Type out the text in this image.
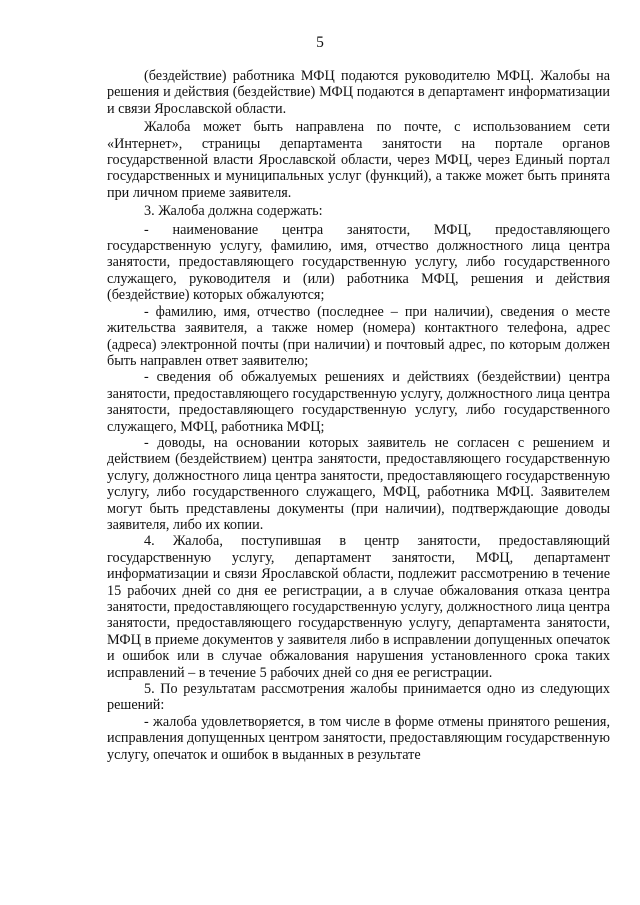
5

(бездействие) работника МФЦ подаются руководителю МФЦ. Жалобы на решения и действия (бездействие) МФЦ подаются в департамент информатизации и связи Ярославской области.

Жалоба может быть направлена по почте, с использованием сети «Интернет», страницы департамента занятости на портале органов государственной власти Ярославской области, через МФЦ, через Единый портал государственных и муниципальных услуг (функций), а также может быть принята при личном приеме заявителя.

3. Жалоба должна содержать:

- наименование центра занятости, МФЦ, предоставляющего государственную услугу, фамилию, имя, отчество должностного лица центра занятости, предоставляющего государственную услугу, либо государственного служащего, руководителя и (или) работника МФЦ, решения и действия (бездействие) которых обжалуются;

- фамилию, имя, отчество (последнее – при наличии), сведения о месте жительства заявителя, а также номер (номера) контактного телефона, адрес (адреса) электронной почты (при наличии) и почтовый адрес, по которым должен быть направлен ответ заявителю;

- сведения об обжалуемых решениях и действиях (бездействии) центра занятости, предоставляющего государственную услугу, должностного лица центра занятости, предоставляющего государственную услугу, либо государственного служащего, МФЦ, работника МФЦ;

- доводы, на основании которых заявитель не согласен с решением и действием (бездействием) центра занятости, предоставляющего государственную услугу, должностного лица центра занятости, предоставляющего государственную услугу, либо государственного служащего, МФЦ, работника МФЦ. Заявителем могут быть представлены документы (при наличии), подтверждающие доводы заявителя, либо их копии.

4. Жалоба, поступившая в центр занятости, предоставляющий государственную услугу, департамент занятости, МФЦ, департамент информатизации и связи Ярославской области, подлежит рассмотрению в течение 15 рабочих дней со дня ее регистрации, а в случае обжалования отказа центра занятости, предоставляющего государственную услугу, должностного лица центра занятости, предоставляющего государственную услугу, департамента занятости, МФЦ в приеме документов у заявителя либо в исправлении допущенных опечаток и ошибок или в случае обжалования нарушения установленного срока таких исправлений – в течение 5 рабочих дней со дня ее регистрации.

5. По результатам рассмотрения жалобы принимается одно из следующих решений:

- жалоба удовлетворяется, в том числе в форме отмены принятого решения, исправления допущенных центром занятости, предоставляющим государственную услугу, опечаток и ошибок в выданных в результате
